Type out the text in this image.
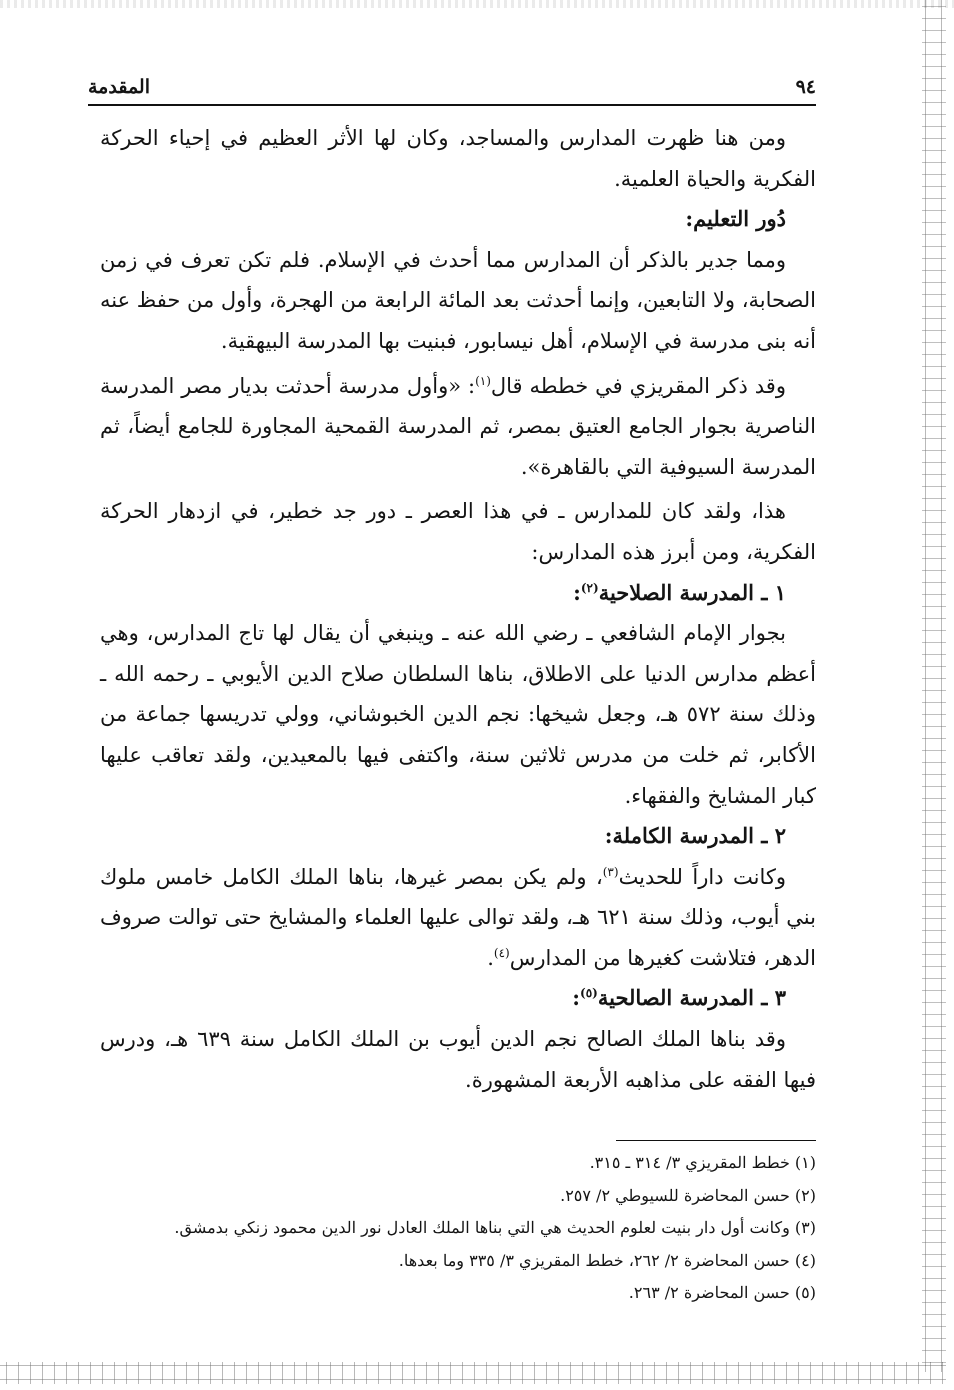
٩٤
المقدمة

ومن هنا ظهرت المدارس والمساجد، وكان لها الأثر العظيم في إحياء الحركة الفكرية والحياة العلمية.

دُور التعليم:

ومما جدير بالذكر أن المدارس مما أحدث في الإسلام. فلم تكن تعرف في زمن الصحابة، ولا التابعين، وإنما أحدثت بعد المائة الرابعة من الهجرة، وأول من حفظ عنه أنه بنى مدرسة في الإسلام، أهل نيسابور، فبنيت بها المدرسة البيهقية.

وقد ذكر المقريزي في خططه قال$^{(١)}$: «وأول مدرسة أحدثت بديار مصر المدرسة الناصرية بجوار الجامع العتيق بمصر، ثم المدرسة القمحية المجاورة للجامع أيضاً، ثم المدرسة السيوفية التي بالقاهرة».

هذا، ولقد كان للمدارس ـ في هذا العصر ـ دور جد خطير، في ازدهار الحركة الفكرية، ومن أبرز هذه المدارس:

١ ـ المدرسة الصلاحية$^{(٢)}$:

بجوار الإمام الشافعي ـ رضي الله عنه ـ وينبغي أن يقال لها تاج المدارس، وهي أعظم مدارس الدنيا على الاطلاق، بناها السلطان صلاح الدين الأيوبي ـ رحمه الله ـ وذلك سنة ٥٧٢ هـ، وجعل شيخها: نجم الدين الخبوشاني، وولي تدريسها جماعة من الأكابر، ثم خلت من مدرس ثلاثين سنة، واكتفى فيها بالمعيدين، ولقد تعاقب عليها كبار المشايخ والفقهاء.

٢ ـ المدرسة الكاملة:

وكانت داراً للحديث$^{(٣)}$، ولم يكن بمصر غيرها، بناها الملك الكامل خامس ملوك بني أيوب، وذلك سنة ٦٢١ هـ، ولقد توالى عليها العلماء والمشايخ حتى توالت صروف الدهر، فتلاشت كغيرها من المدارس$^{(٤)}$.

٣ ـ المدرسة الصالحية$^{(٥)}$:

وقد بناها الملك الصالح نجم الدين أيوب بن الملك الكامل سنة ٦٣٩ هـ، ودرس فيها الفقه على مذاهبه الأربعة المشهورة.

(١) خطط المقريزي ٣/ ٣١٤ ـ ٣١٥.
(٢) حسن المحاضرة للسيوطي ٢/ ٢٥٧.
(٣) وكانت أول دار بنيت لعلوم الحديث هي التي بناها الملك العادل نور الدين محمود زنكي بدمشق.
(٤) حسن المحاضرة ٢/ ٢٦٢، خطط المقريزي ٣/ ٣٣٥ وما بعدها.
(٥) حسن المحاضرة ٢/ ٢٦٣.
